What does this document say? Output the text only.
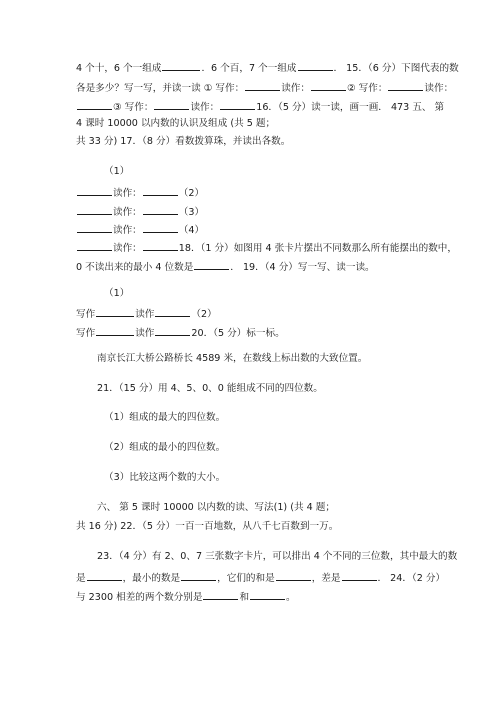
4 个十，6 个一组成	．6 个百，7 个一组成	． 15．（6 分）下图代表的数
各是多少？写一写，并读一读 ① 写作：	读作：	② 写作：	读作：
③ 写作：	读作：	16．（5 分）读一读，画一画． 473 五、 第
4 课时 10000 以内数的认识及组成 (共 5 题；
共 33 分) 17．（8 分）看数拨算珠，并读出各数。
（1）
读作：	（2）
读作：	（3）
读作：	（4）
读作：	18．（1 分）如图用 4 张卡片摆出不同数那么所有能摆出的数中，
0 不读出来的最小 4 位数是	． 19．（4 分）写一写、读一读。
（1）
写作	读作	（2）
写作	读作	20．（5 分）标一标。
南京长江大桥公路桥长 4589 米，在数线上标出数的大致位置。
21．（15 分）用 4、5、0、0 能组成不同的四位数。
（1）组成的最大的四位数。
（2）组成的最小的四位数。
（3）比较这两个数的大小。
六、 第 5 课时 10000 以内数的读、写法(1) (共 4 题；
共 16 分) 22．（5 分）一百一百地数，从八千七百数到一万。
23．（4 分）有 2、0、7 三张数字卡片，可以排出 4 个不同的三位数，其中最大的数
是	，最小的数是	，它们的和是	，差是	． 24．（2 分）
与 2300 相差的两个数分别是	和	。
